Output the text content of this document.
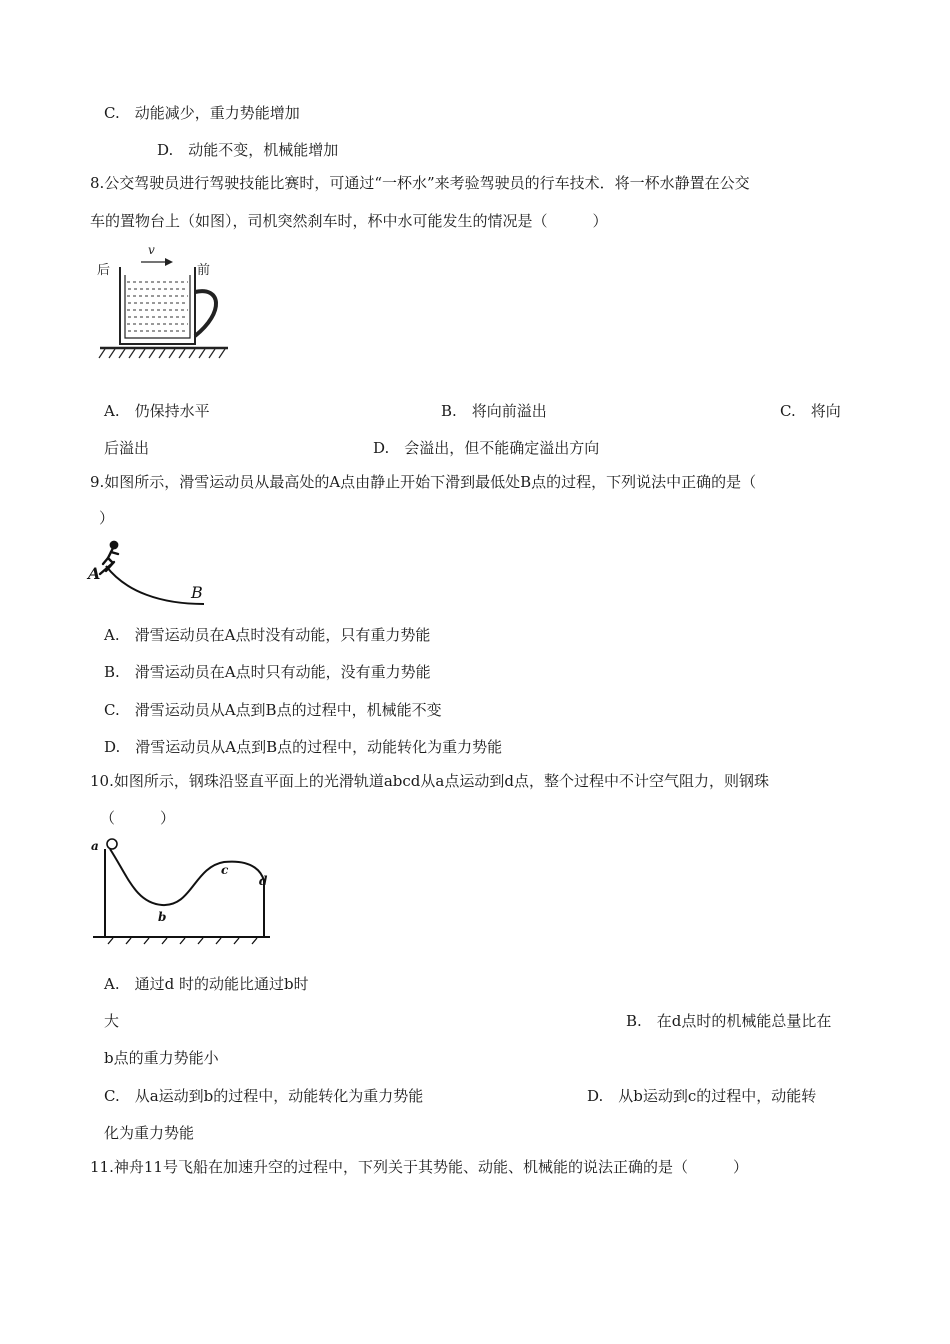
C.　动能减少，重力势能增加
D.　动能不变，机械能增加
8.公交驾驶员进行驾驶技能比赛时，可通过“一杯水”来考验驾驶员的行车技术．将一杯水静置在公交
车的置物台上（如图），司机突然刹车时，杯中水可能发生的情况是（　　　）
后	前
v
A.　仍保持水平	B.　将向前溢出	C.　将向
后溢出	D.　会溢出，但不能确定溢出方向
9.如图所示，滑雪运动员从最高处的A点由静止开始下滑到最低处B点的过程，下列说法中正确的是（
）
A
B
A.　滑雪运动员在A点时没有动能，只有重力势能
B.　滑雪运动员在A点时只有动能，没有重力势能
C.　滑雪运动员从A点到B点的过程中，机械能不变
D.　滑雪运动员从A点到B点的过程中，动能转化为重力势能
10.如图所示，钢珠沿竖直平面上的光滑轨道abcd从a点运动到d点，整个过程中不计空气阻力，则钢珠
（　　　）
a
b
c
d
A.　通过d 时的动能比通过b时
大	B.　在d点时的机械能总量比在
b点的重力势能小
C.　从a运动到b的过程中，动能转化为重力势能	D.　从b运动到c的过程中，动能转
化为重力势能
11.神舟11号飞船在加速升空的过程中，下列关于其势能、动能、机械能的说法正确的是（　　　）
